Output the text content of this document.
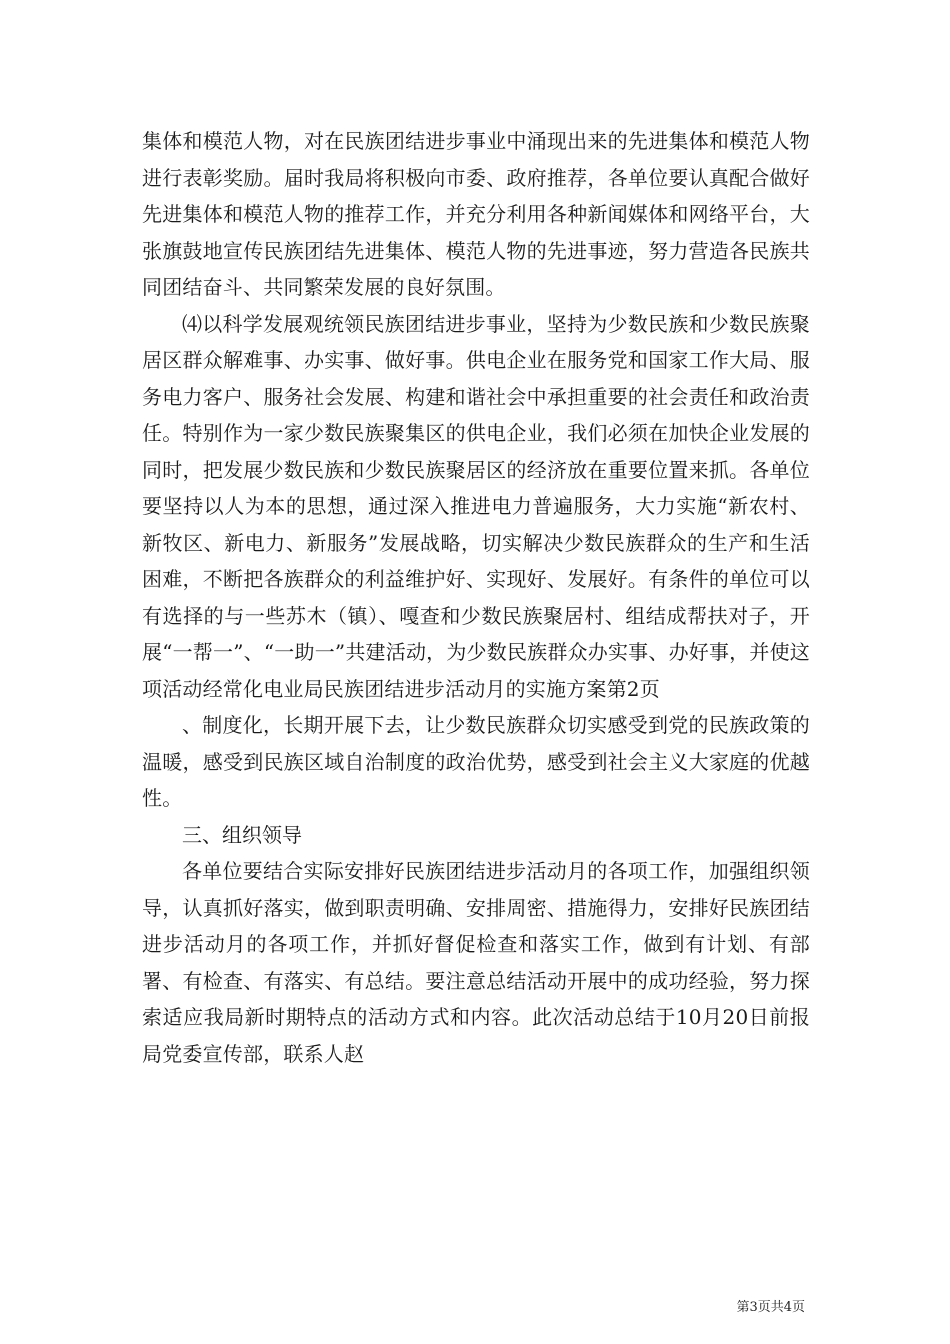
集体和模范人物，对在民族团结进步事业中涌现出来的先进集体和模范人物进行表彰奖励。届时我局将积极向市委、政府推荐，各单位要认真配合做好先进集体和模范人物的推荐工作，并充分利用各种新闻媒体和网络平台，大张旗鼓地宣传民族团结先进集体、模范人物的先进事迹，努力营造各民族共同团结奋斗、共同繁荣发展的良好氛围。

⑷以科学发展观统领民族团结进步事业，坚持为少数民族和少数民族聚居区群众解难事、办实事、做好事。供电企业在服务党和国家工作大局、服务电力客户、服务社会发展、构建和谐社会中承担重要的社会责任和政治责任。特别作为一家少数民族聚集区的供电企业，我们必须在加快企业发展的同时，把发展少数民族和少数民族聚居区的经济放在重要位置来抓。各单位要坚持以人为本的思想，通过深入推进电力普遍服务，大力实施“新农村、新牧区、新电力、新服务”发展战略，切实解决少数民族群众的生产和生活困难，不断把各族群众的利益维护好、实现好、发展好。有条件的单位可以有选择的与一些苏木（镇）、嘎查和少数民族聚居村、组结成帮扶对子，开展“一帮一”、“一助一”共建活动，为少数民族群众办实事、办好事，并使这项活动经常化电业局民族团结进步活动月的实施方案第2页

、制度化，长期开展下去，让少数民族群众切实感受到党的民族政策的温暖，感受到民族区域自治制度的政治优势，感受到社会主义大家庭的优越性。

三、组织领导

各单位要结合实际安排好民族团结进步活动月的各项工作，加强组织领导，认真抓好落实，做到职责明确、安排周密、措施得力，安排好民族团结进步活动月的各项工作，并抓好督促检查和落实工作，做到有计划、有部署、有检查、有落实、有总结。要注意总结活动开展中的成功经验，努力探索适应我局新时期特点的活动方式和内容。此次活动总结于10月20日前报局党委宣传部，联系人赵

第3页共4页
